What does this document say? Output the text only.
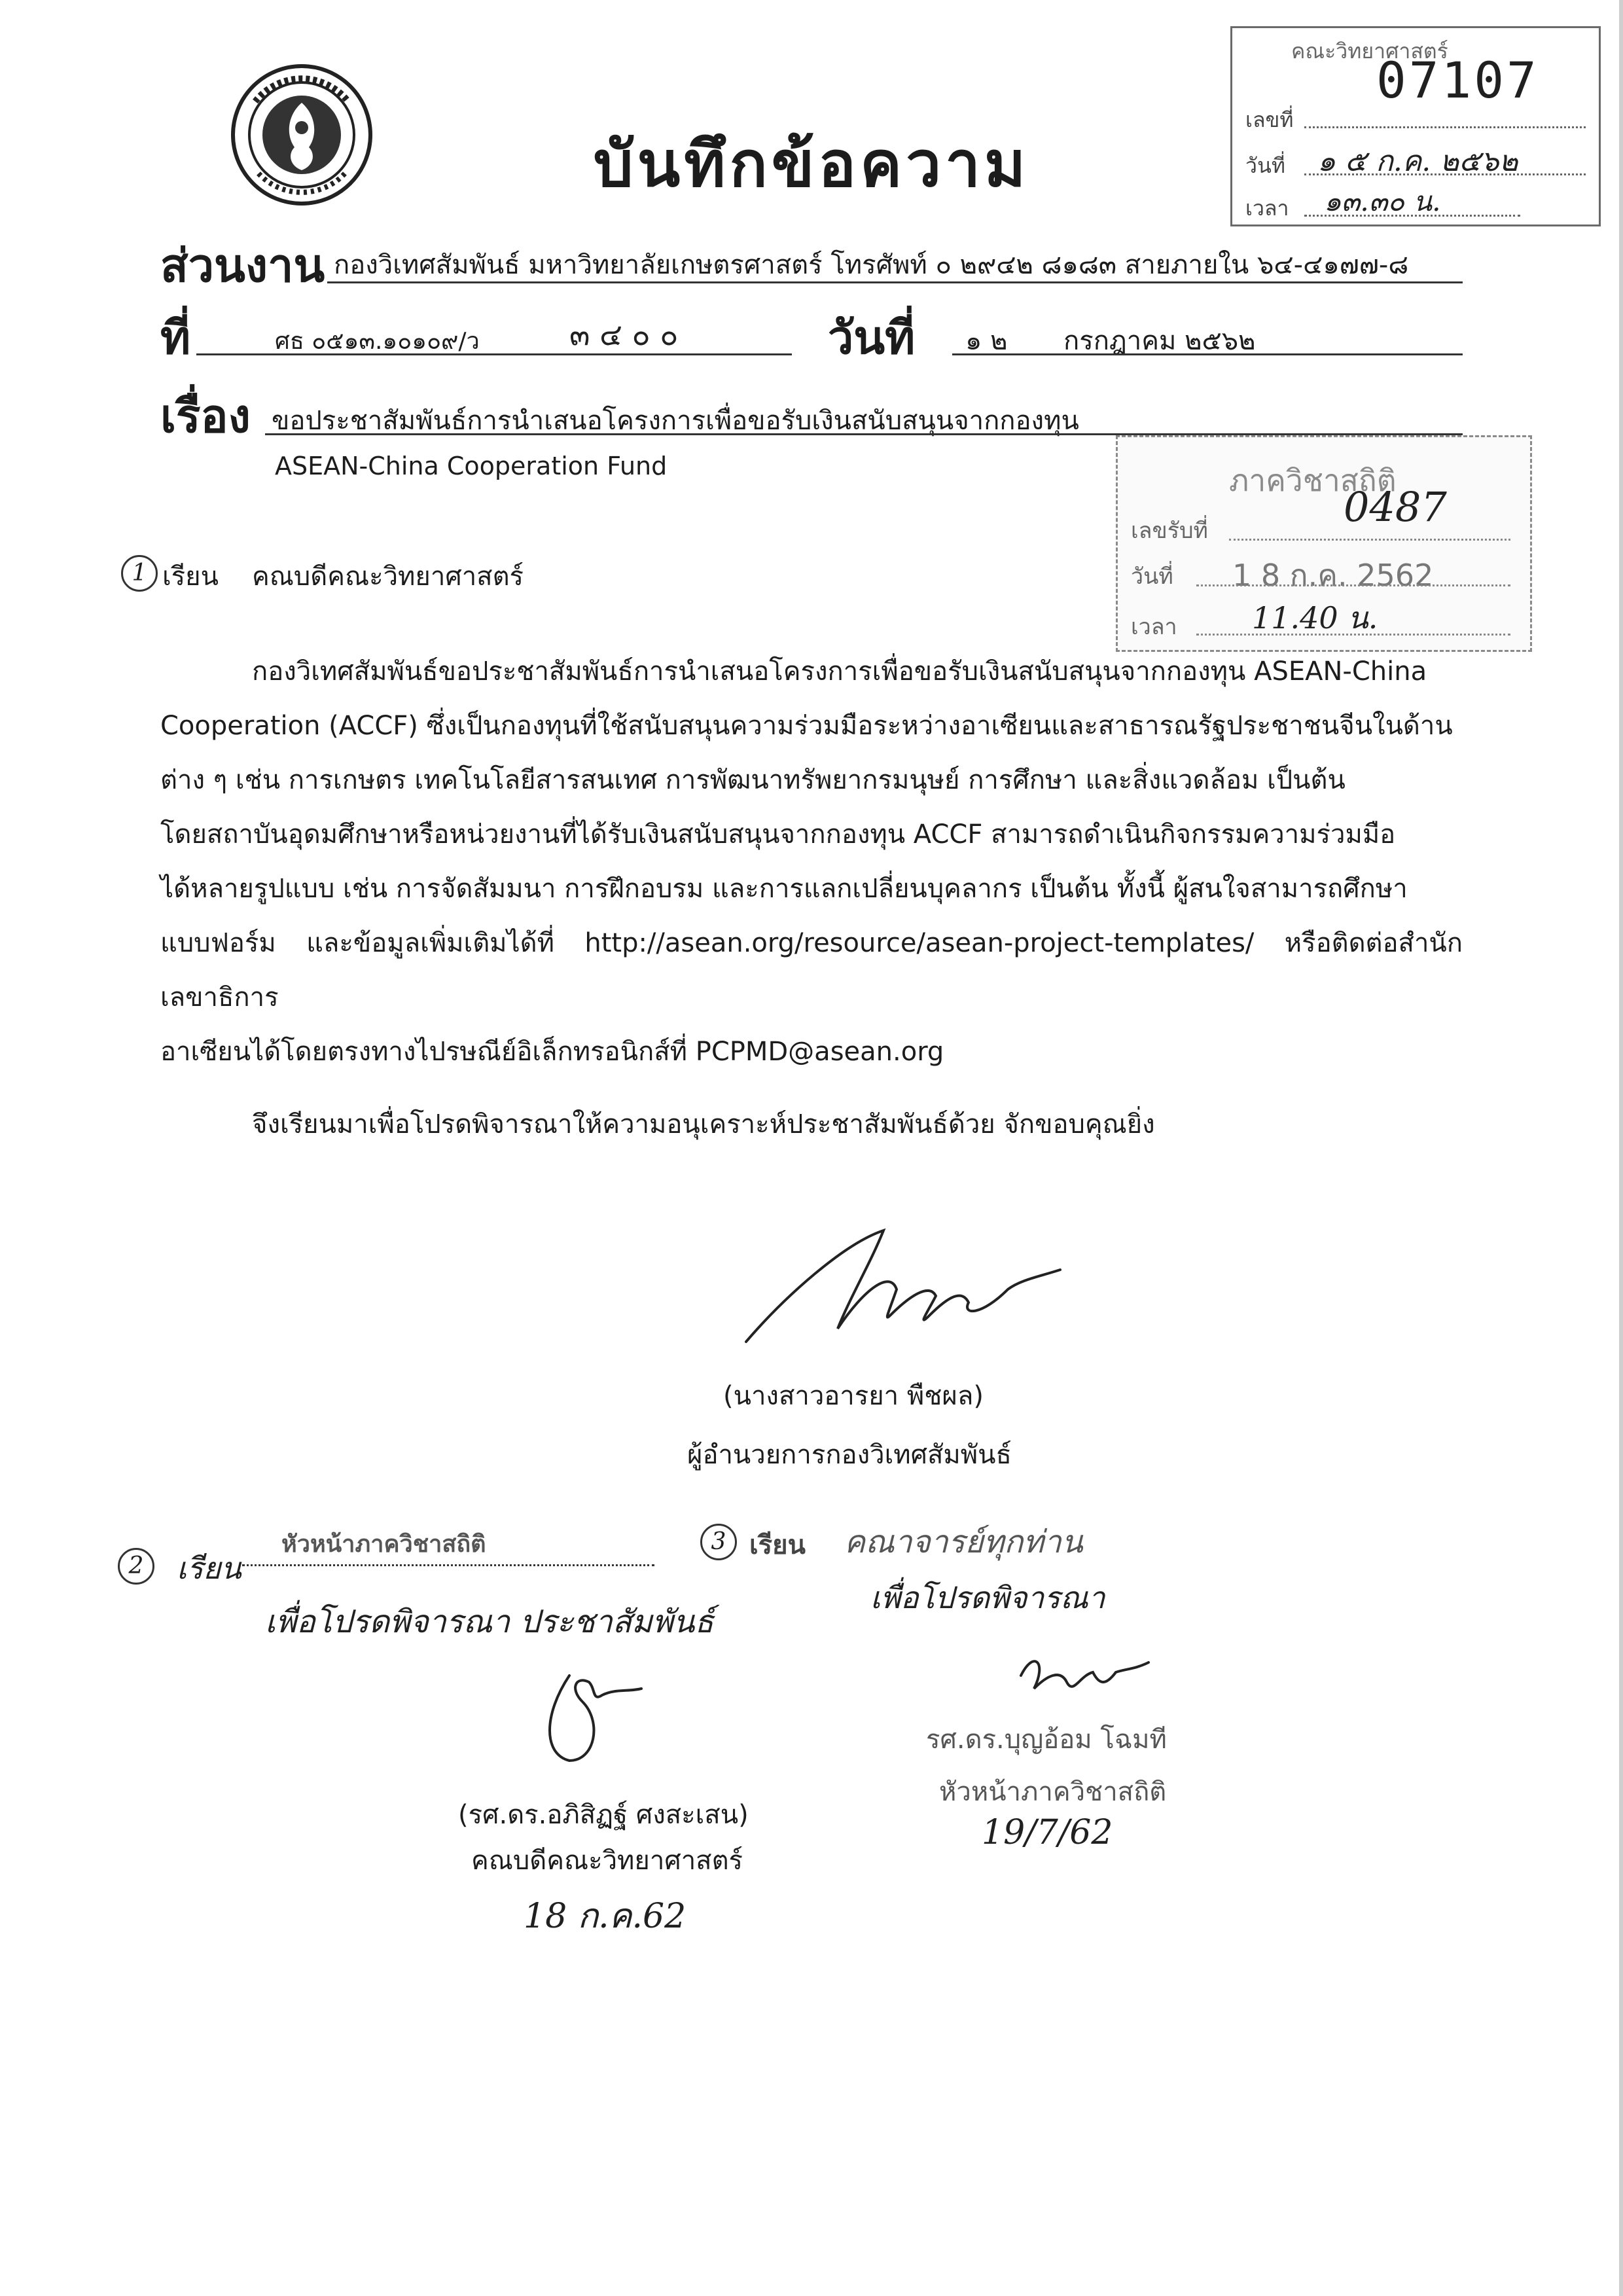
บันทึกข้อความ
คณะวิทยาศาสตร์
07107
เลขที่
วันที่ ๑ ๕ ก.ค. ๒๕๖๒
เวลา ๑๓.๓๐ น.
ส่วนงาน กองวิเทศสัมพันธ์ มหาวิทยาลัยเกษตรศาสตร์ โทรศัพท์ ๐ ๒๙๔๒ ๘๑๘๓ สายภายใน ๖๔-๔๑๗๗-๘
ที่	ศธ ๐๕๑๓.๑๐๑๐๙/ว	๓ ๔ ๐ ๐	วันที่ ๑ ๒ กรกฎาคม ๒๕๖๒
เรื่อง ขอประชาสัมพันธ์การนำเสนอโครงการเพื่อขอรับเงินสนับสนุนจากกองทุน
ASEAN-China Cooperation Fund	ภาควิชาสถิติ
0487
เลขรับที่
วันที่ 1 8 ก.ค. 2562
เวลา 11.40 น.
1 เรียน คณบดีคณะวิทยาศาสตร์
กองวิเทศสัมพันธ์ขอประชาสัมพันธ์การนำเสนอโครงการเพื่อขอรับเงินสนับสนุนจากกองทุน ASEAN-China
Cooperation (ACCF) ซึ่งเป็นกองทุนที่ใช้สนับสนุนความร่วมมือระหว่างอาเซียนและสาธารณรัฐประชาชนจีนในด้าน
ต่าง ๆ เช่น การเกษตร เทคโนโลยีสารสนเทศ การพัฒนาทรัพยากรมนุษย์ การศึกษา และสิ่งแวดล้อม เป็นต้น
โดยสถาบันอุดมศึกษาหรือหน่วยงานที่ได้รับเงินสนับสนุนจากกองทุน ACCF สามารถดำเนินกิจกรรมความร่วมมือ
ได้หลายรูปแบบ เช่น การจัดสัมมนา การฝึกอบรม และการแลกเปลี่ยนบุคลากร เป็นต้น ทั้งนี้ ผู้สนใจสามารถศึกษา
แบบฟอร์ม และข้อมูลเพิ่มเติมได้ที่ http://asean.org/resource/asean-project-templates/ หรือติดต่อสำนักเลขาธิการ
อาเซียนได้โดยตรงทางไปรษณีย์อิเล็กทรอนิกส์ที่ PCPMD@asean.org
จึงเรียนมาเพื่อโปรดพิจารณาให้ความอนุเคราะห์ประชาสัมพันธ์ด้วย จักขอบคุณยิ่ง
(นางสาวอารยา พืชผล)
ผู้อำนวยการกองวิเทศสัมพันธ์
2	เรียน
หัวหน้าภาควิชาสถิติ
เพื่อโปรดพิจารณา ประชาสัมพันธ์
(รศ.ดร.อภิสิฏฐ์ ศงสะเสน)
คณบดีคณะวิทยาศาสตร์
18 ก.ค.62
3 เรียน คณาจารย์ทุกท่าน
เพื่อโปรดพิจารณา
รศ.ดร.บุญอ้อม โฉมที
หัวหน้าภาควิชาสถิติ
19/7/62
